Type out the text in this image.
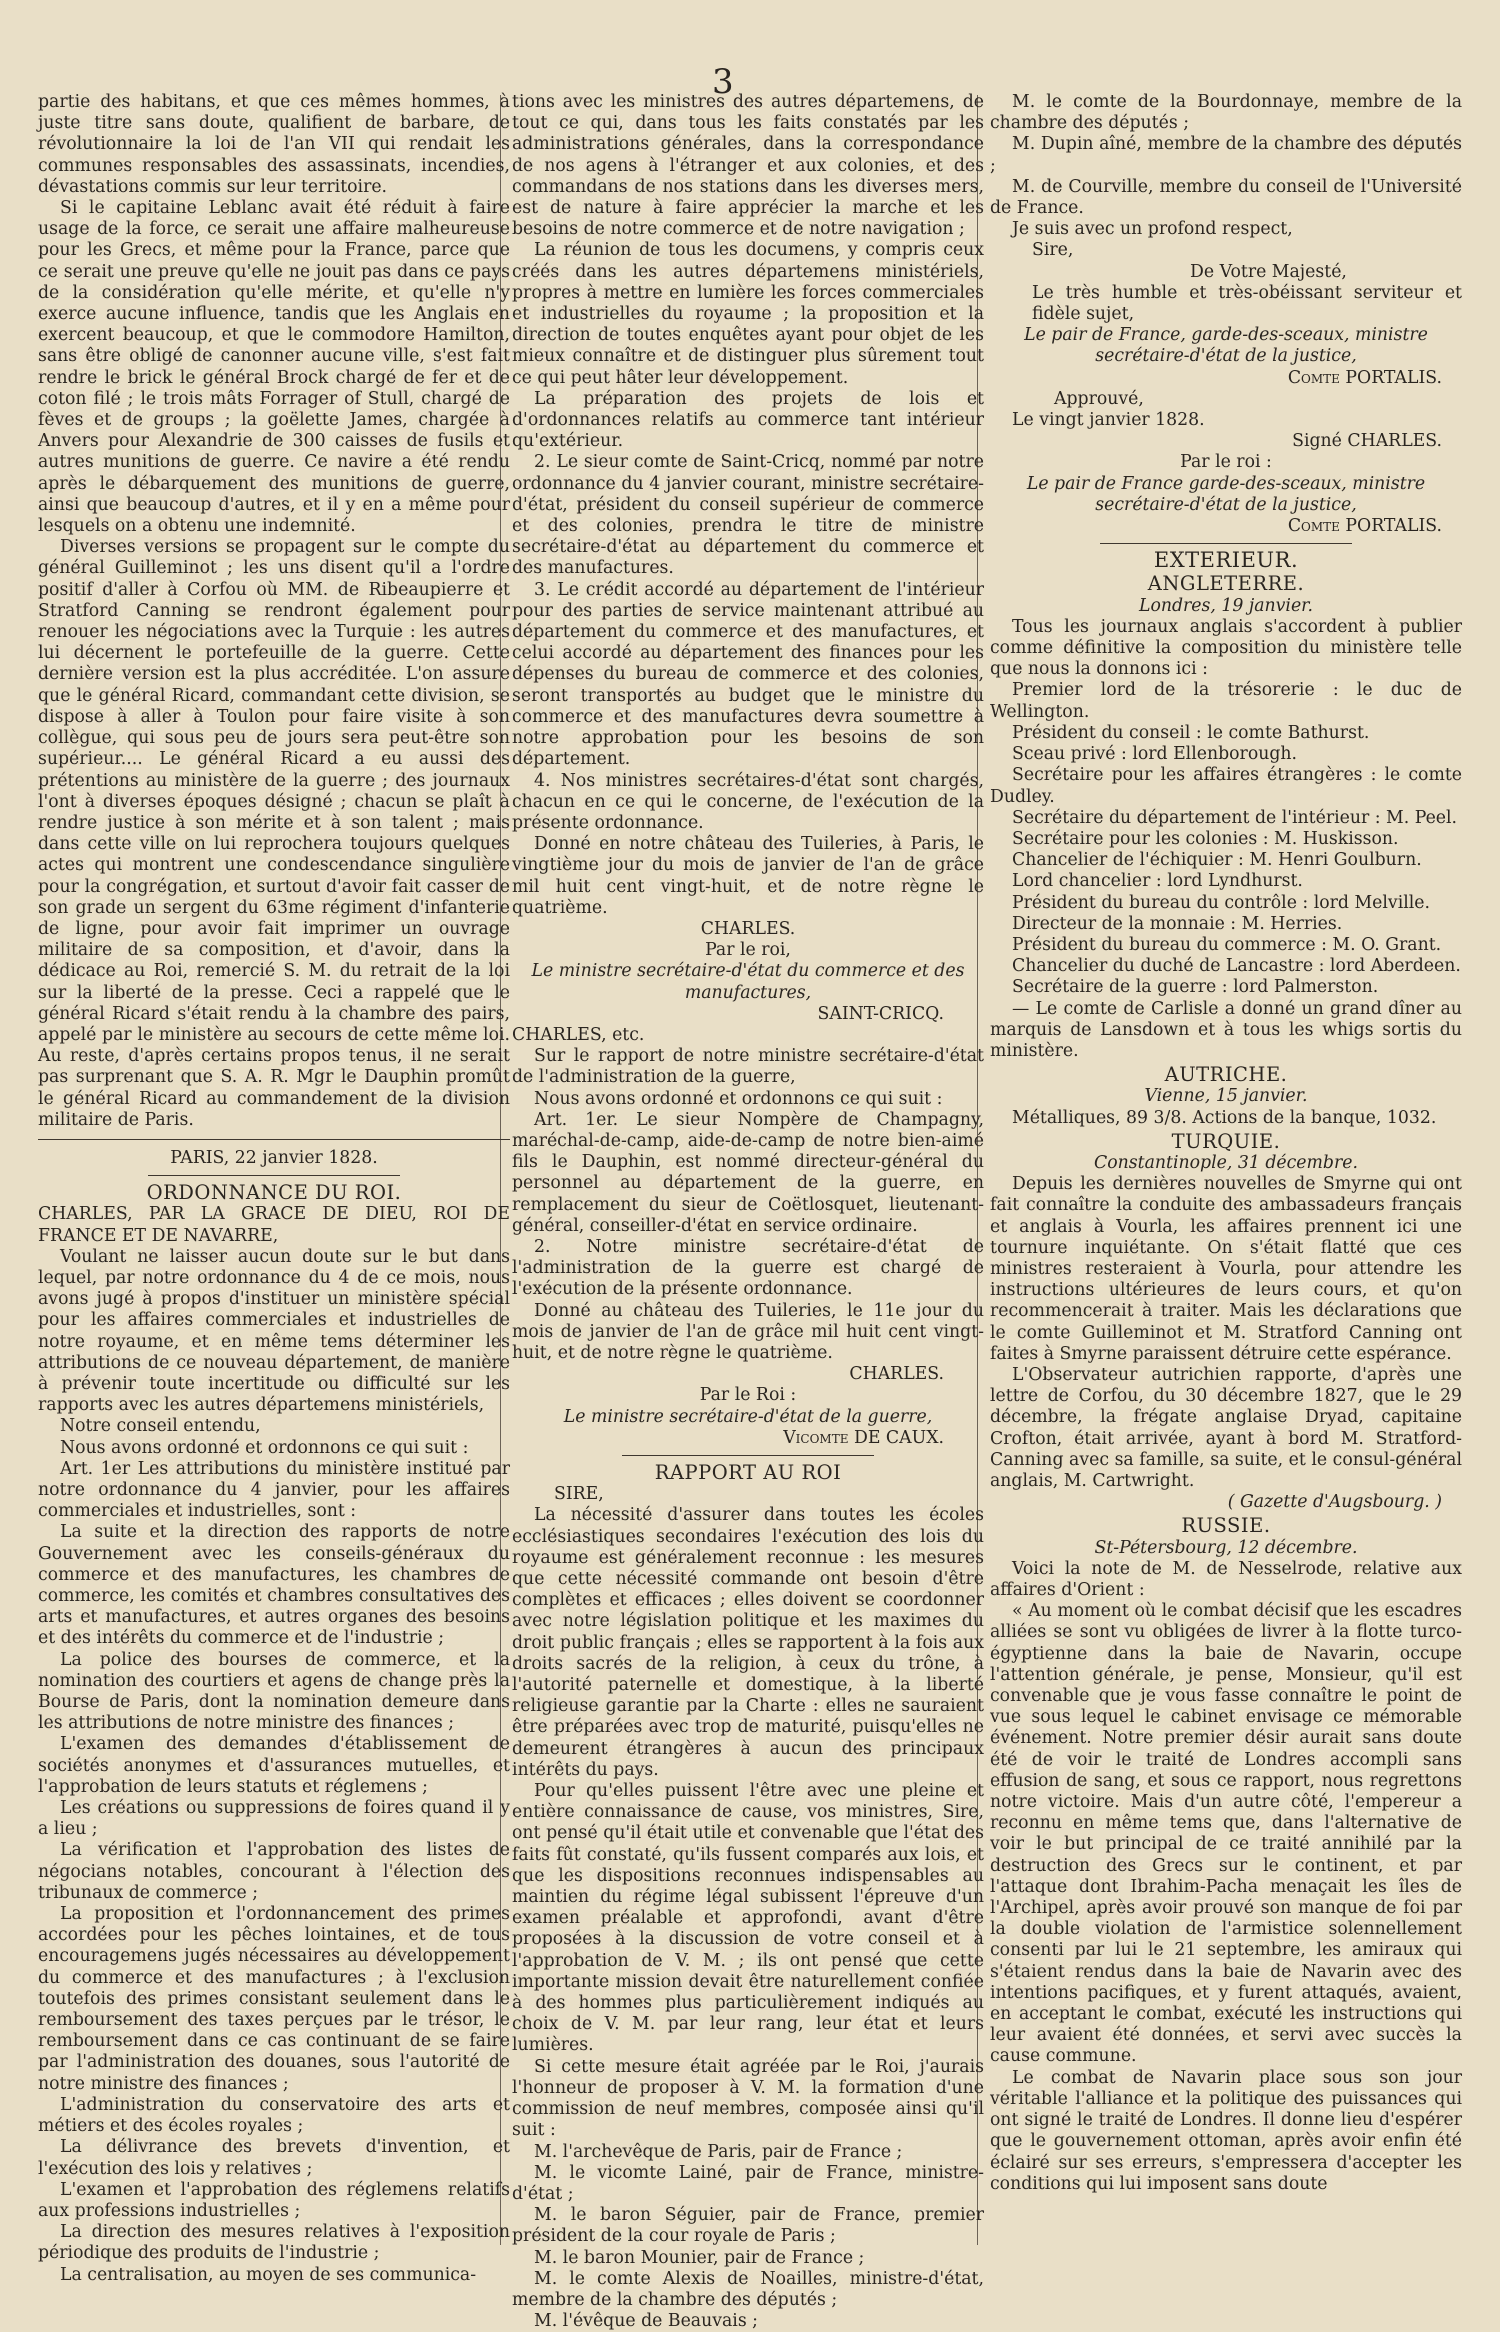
3

partie des habitans, et que ces mêmes hommes, à juste titre sans doute, qualifient de barbare, de révolutionnaire la loi de l'an VII qui rendait les communes responsables des assassinats, incendies, dévastations commis sur leur territoire.

Si le capitaine Leblanc avait été réduit à faire usage de la force, ce serait une affaire malheureuse pour les Grecs, et même pour la France, parce que ce serait une preuve qu'elle ne jouit pas dans ce pays de la considération qu'elle mérite, et qu'elle n'y exerce aucune influence, tandis que les Anglais en exercent beaucoup, et que le commodore Hamilton, sans être obligé de canonner aucune ville, s'est fait rendre le brick le général Brock chargé de fer et de coton filé ; le trois mâts Forrager of Stull, chargé de fèves et de groups ; la goëlette James, chargée à Anvers pour Alexandrie de 300 caisses de fusils et autres munitions de guerre. Ce navire a été rendu après le débarquement des munitions de guerre, ainsi que beaucoup d'autres, et il y en a même pour lesquels on a obtenu une indemnité.

Diverses versions se propagent sur le compte du général Guilleminot ; les uns disent qu'il a l'ordre positif d'aller à Corfou où MM. de Ribeaupierre et Stratford Canning se rendront également pour renouer les négociations avec la Turquie : les autres lui décernent le portefeuille de la guerre. Cette dernière version est la plus accréditée. L'on assure que le général Ricard, commandant cette division, se dispose à aller à Toulon pour faire visite à son collègue, qui sous peu de jours sera peut-être son supérieur.... Le général Ricard a eu aussi des prétentions au ministère de la guerre ; des journaux l'ont à diverses époques désigné ; chacun se plaît à rendre justice à son mérite et à son talent ; mais dans cette ville on lui reprochera toujours quelques actes qui montrent une condescendance singulière pour la congrégation, et surtout d'avoir fait casser de son grade un sergent du 63me régiment d'infanterie de ligne, pour avoir fait imprimer un ouvrage militaire de sa composition, et d'avoir, dans la dédicace au Roi, remercié S. M. du retrait de la loi sur la liberté de la presse. Ceci a rappelé que le général Ricard s'était rendu à la chambre des pairs, appelé par le ministère au secours de cette même loi. Au reste, d'après certains propos tenus, il ne serait pas surprenant que S. A. R. Mgr le Dauphin promût le général Ricard au commandement de la division militaire de Paris.

PARIS, 22 janvier 1828.

ORDONNANCE DU ROI.

CHARLES, PAR LA GRACE DE DIEU, ROI DE FRANCE ET DE NAVARRE,

Voulant ne laisser aucun doute sur le but dans lequel, par notre ordonnance du 4 de ce mois, nous avons jugé à propos d'instituer un ministère spécial pour les affaires commerciales et industrielles de notre royaume, et en même tems déterminer les attributions de ce nouveau département, de manière à prévenir toute incertitude ou difficulté sur les rapports avec les autres départemens ministériels,

Notre conseil entendu,

Nous avons ordonné et ordonnons ce qui suit :

Art. 1er Les attributions du ministère institué par notre ordonnance du 4 janvier, pour les affaires commerciales et industrielles, sont :

La suite et la direction des rapports de notre Gouvernement avec les conseils-généraux du commerce et des manufactures, les chambres de commerce, les comités et chambres consultatives des arts et manufactures, et autres organes des besoins et des intérêts du commerce et de l'industrie ;

La police des bourses de commerce, et la nomination des courtiers et agens de change près la Bourse de Paris, dont la nomination demeure dans les attributions de notre ministre des finances ;

L'examen des demandes d'établissement de sociétés anonymes et d'assurances mutuelles, et l'approbation de leurs statuts et réglemens ;

Les créations ou suppressions de foires quand il y a lieu ;

La vérification et l'approbation des listes de négocians notables, concourant à l'élection des tribunaux de commerce ;

La proposition et l'ordonnancement des primes accordées pour les pêches lointaines, et de tous encouragemens jugés nécessaires au développement du commerce et des manufactures ; à l'exclusion toutefois des primes consistant seulement dans le remboursement des taxes perçues par le trésor, le remboursement dans ce cas continuant de se faire par l'administration des douanes, sous l'autorité de notre ministre des finances ;

L'administration du conservatoire des arts et métiers et des écoles royales ;

La délivrance des brevets d'invention, et l'exécution des lois y relatives ;

L'examen et l'approbation des réglemens relatifs aux professions industrielles ;

La direction des mesures relatives à l'exposition périodique des produits de l'industrie ;

La centralisation, au moyen de ses communica-

tions avec les ministres des autres départemens, de tout ce qui, dans tous les faits constatés par les administrations générales, dans la correspondance de nos agens à l'étranger et aux colonies, et des commandans de nos stations dans les diverses mers, est de nature à faire apprécier la marche et les besoins de notre commerce et de notre navigation ;

La réunion de tous les documens, y compris ceux créés dans les autres départemens ministériels, propres à mettre en lumière les forces commerciales et industrielles du royaume ; la proposition et la direction de toutes enquêtes ayant pour objet de les mieux connaître et de distinguer plus sûrement tout ce qui peut hâter leur développement.

La préparation des projets de lois et d'ordonnances relatifs au commerce tant intérieur qu'extérieur.

2. Le sieur comte de Saint-Cricq, nommé par notre ordonnance du 4 janvier courant, ministre secrétaire-d'état, président du conseil supérieur de commerce et des colonies, prendra le titre de ministre secrétaire-d'état au département du commerce et des manufactures.

3. Le crédit accordé au département de l'intérieur pour des parties de service maintenant attribué au département du commerce et des manufactures, et celui accordé au département des finances pour les dépenses du bureau de commerce et des colonies, seront transportés au budget que le ministre du commerce et des manufactures devra soumettre à notre approbation pour les besoins de son département.

4. Nos ministres secrétaires-d'état sont chargés, chacun en ce qui le concerne, de l'exécution de la présente ordonnance.

Donné en notre château des Tuileries, à Paris, le vingtième jour du mois de janvier de l'an de grâce mil huit cent vingt-huit, et de notre règne le quatrième.

CHARLES.

Par le roi,

Le ministre secrétaire-d'état du commerce et des manufactures,

SAINT-CRICQ.

CHARLES, etc.

Sur le rapport de notre ministre secrétaire-d'état de l'administration de la guerre,

Nous avons ordonné et ordonnons ce qui suit :

Art. 1er. Le sieur Nompère de Champagny, maréchal-de-camp, aide-de-camp de notre bien-aimé fils le Dauphin, est nommé directeur-général du personnel au département de la guerre, en remplacement du sieur de Coëtlosquet, lieutenant-général, conseiller-d'état en service ordinaire.

2. Notre ministre secrétaire-d'état de l'administration de la guerre est chargé de l'exécution de la présente ordonnance.

Donné au château des Tuileries, le 11e jour du mois de janvier de l'an de grâce mil huit cent vingt-huit, et de notre règne le quatrième.

CHARLES.

Par le Roi :

Le ministre secrétaire-d'état de la guerre,

Vicomte DE CAUX.

RAPPORT AU ROI

SIRE,

La nécessité d'assurer dans toutes les écoles ecclésiastiques secondaires l'exécution des lois du royaume est généralement reconnue : les mesures que cette nécessité commande ont besoin d'être complètes et efficaces ; elles doivent se coordonner avec notre législation politique et les maximes du droit public français ; elles se rapportent à la fois aux droits sacrés de la religion, à ceux du trône, à l'autorité paternelle et domestique, à la liberté religieuse garantie par la Charte : elles ne sauraient être préparées avec trop de maturité, puisqu'elles ne demeurent étrangères à aucun des principaux intérêts du pays.

Pour qu'elles puissent l'être avec une pleine et entière connaissance de cause, vos ministres, Sire, ont pensé qu'il était utile et convenable que l'état des faits fût constaté, qu'ils fussent comparés aux lois, et que les dispositions reconnues indispensables au maintien du régime légal subissent l'épreuve d'un examen préalable et approfondi, avant d'être proposées à la discussion de votre conseil et à l'approbation de V. M. ; ils ont pensé que cette importante mission devait être naturellement confiée à des hommes plus particulièrement indiqués au choix de V. M. par leur rang, leur état et leurs lumières.

Si cette mesure était agréée par le Roi, j'aurais l'honneur de proposer à V. M. la formation d'une commission de neuf membres, composée ainsi qu'il suit :

M. l'archevêque de Paris, pair de France ;

M. le vicomte Lainé, pair de France, ministre-d'état ;

M. le baron Séguier, pair de France, premier président de la cour royale de Paris ;

M. le baron Mounier, pair de France ;

M. le comte Alexis de Noailles, ministre-d'état, membre de la chambre des députés ;

M. l'évêque de Beauvais ;

M. le comte de la Bourdonnaye, membre de la chambre des députés ;

M. Dupin aîné, membre de la chambre des députés ;

M. de Courville, membre du conseil de l'Université de France.

Je suis avec un profond respect,

Sire,

De Votre Majesté,

Le très humble et très-obéissant serviteur et fidèle sujet,

Le pair de France, garde-des-sceaux, ministre secrétaire-d'état de la justice,

Comte PORTALIS.

Approuvé,

Le vingt janvier 1828.

Signé CHARLES.

Par le roi :

Le pair de France garde-des-sceaux, ministre secrétaire-d'état de la justice,

Comte PORTALIS.

EXTERIEUR.

ANGLETERRE.

Londres, 19 janvier.

Tous les journaux anglais s'accordent à publier comme définitive la composition du ministère telle que nous la donnons ici :

Premier lord de la trésorerie : le duc de Wellington.

Président du conseil : le comte Bathurst.

Sceau privé : lord Ellenborough.

Secrétaire pour les affaires étrangères : le comte Dudley.

Secrétaire du département de l'intérieur : M. Peel.

Secrétaire pour les colonies : M. Huskisson.

Chancelier de l'échiquier : M. Henri Goulburn.

Lord chancelier : lord Lyndhurst.

Président du bureau du contrôle : lord Melville.

Directeur de la monnaie : M. Herries.

Président du bureau du commerce : M. O. Grant.

Chancelier du duché de Lancastre : lord Aberdeen.

Secrétaire de la guerre : lord Palmerston.

— Le comte de Carlisle a donné un grand dîner au marquis de Lansdown et à tous les whigs sortis du ministère.

AUTRICHE.

Vienne, 15 janvier.

Métalliques, 89 3/8. Actions de la banque, 1032.

TURQUIE.

Constantinople, 31 décembre.

Depuis les dernières nouvelles de Smyrne qui ont fait connaître la conduite des ambassadeurs français et anglais à Vourla, les affaires prennent ici une tournure inquiétante. On s'était flatté que ces ministres resteraient à Vourla, pour attendre les instructions ultérieures de leurs cours, et qu'on recommencerait à traiter. Mais les déclarations que le comte Guilleminot et M. Stratford Canning ont faites à Smyrne paraissent détruire cette espérance.

L'Observateur autrichien rapporte, d'après une lettre de Corfou, du 30 décembre 1827, que le 29 décembre, la frégate anglaise Dryad, capitaine Crofton, était arrivée, ayant à bord M. Stratford-Canning avec sa famille, sa suite, et le consul-général anglais, M. Cartwright.

( Gazette d'Augsbourg. )

RUSSIE.

St-Pétersbourg, 12 décembre.

Voici la note de M. de Nesselrode, relative aux affaires d'Orient :

« Au moment où le combat décisif que les escadres alliées se sont vu obligées de livrer à la flotte turco-égyptienne dans la baie de Navarin, occupe l'attention générale, je pense, Monsieur, qu'il est convenable que je vous fasse connaître le point de vue sous lequel le cabinet envisage ce mémorable événement. Notre premier désir aurait sans doute été de voir le traité de Londres accompli sans effusion de sang, et sous ce rapport, nous regrettons notre victoire. Mais d'un autre côté, l'empereur a reconnu en même tems que, dans l'alternative de voir le but principal de ce traité annihilé par la destruction des Grecs sur le continent, et par l'attaque dont Ibrahim-Pacha menaçait les îles de l'Archipel, après avoir prouvé son manque de foi par la double violation de l'armistice solennellement consenti par lui le 21 septembre, les amiraux qui s'étaient rendus dans la baie de Navarin avec des intentions pacifiques, et y furent attaqués, avaient, en acceptant le combat, exécuté les instructions qui leur avaient été données, et servi avec succès la cause commune.

Le combat de Navarin place sous son jour véritable l'alliance et la politique des puissances qui ont signé le traité de Londres. Il donne lieu d'espérer que le gouvernement ottoman, après avoir enfin été éclairé sur ses erreurs, s'empressera d'accepter les conditions qui lui imposent sans doute
